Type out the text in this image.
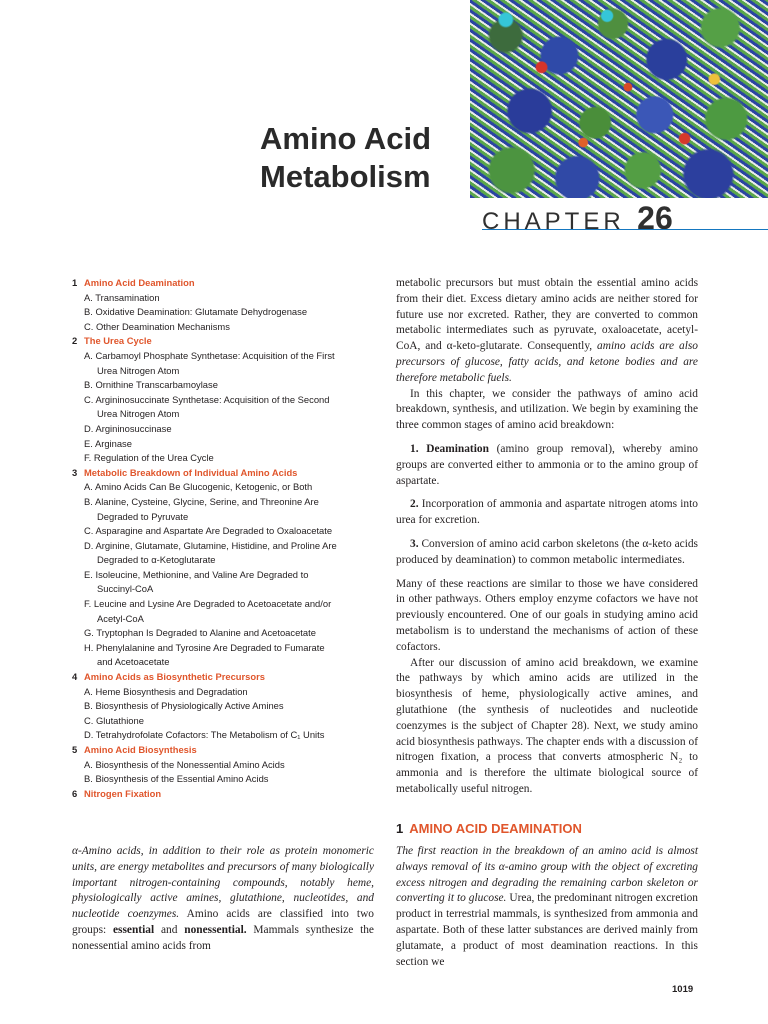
Amino Acid
Metabolism
CHAPTER 26
1 Amino Acid Deamination
A. Transamination
B. Oxidative Deamination: Glutamate Dehydrogenase
C. Other Deamination Mechanisms
2 The Urea Cycle
A. Carbamoyl Phosphate Synthetase: Acquisition of the First
Urea Nitrogen Atom
B. Ornithine Transcarbamoylase
C. Argininosuccinate Synthetase: Acquisition of the Second
Urea Nitrogen Atom
D. Argininosuccinase
E. Arginase
F. Regulation of the Urea Cycle
3 Metabolic Breakdown of Individual Amino Acids
A. Amino Acids Can Be Glucogenic, Ketogenic, or Both
B. Alanine, Cysteine, Glycine, Serine, and Threonine Are
Degraded to Pyruvate
C. Asparagine and Aspartate Are Degraded to Oxaloacetate
D. Arginine, Glutamate, Glutamine, Histidine, and Proline Are
Degraded to α-Ketoglutarate
E. Isoleucine, Methionine, and Valine Are Degraded to
Succinyl-CoA
F. Leucine and Lysine Are Degraded to Acetoacetate and/or
Acetyl-CoA
G. Tryptophan Is Degraded to Alanine and Acetoacetate
H. Phenylalanine and Tyrosine Are Degraded to Fumarate
and Acetoacetate
4 Amino Acids as Biosynthetic Precursors
A. Heme Biosynthesis and Degradation
B. Biosynthesis of Physiologically Active Amines
C. Glutathione
D. Tetrahydrofolate Cofactors: The Metabolism of C₁ Units
5 Amino Acid Biosynthesis
A. Biosynthesis of the Nonessential Amino Acids
B. Biosynthesis of the Essential Amino Acids
6 Nitrogen Fixation

α-Amino acids, in addition to their role as protein monomeric units, are energy metabolites and precursors of many biologically important nitrogen-containing compounds, notably heme, physiologically active amines, glutathione, nucleotides, and nucleotide coenzymes. Amino acids are classified into two groups: essential and nonessential. Mammals synthesize the nonessential amino acids from

metabolic precursors but must obtain the essential amino acids from their diet. Excess dietary amino acids are neither stored for future use nor excreted. Rather, they are converted to common metabolic intermediates such as pyruvate, oxaloacetate, acetyl-CoA, and α-keto-glutarate. Consequently, amino acids are also precursors of glucose, fatty acids, and ketone bodies and are therefore metabolic fuels.

In this chapter, we consider the pathways of amino acid breakdown, synthesis, and utilization. We begin by examining the three common stages of amino acid breakdown:

1. Deamination (amino group removal), whereby amino groups are converted either to ammonia or to the amino group of aspartate.

2. Incorporation of ammonia and aspartate nitrogen atoms into urea for excretion.

3. Conversion of amino acid carbon skeletons (the α-keto acids produced by deamination) to common metabolic intermediates.

Many of these reactions are similar to those we have considered in other pathways. Others employ enzyme cofactors we have not previously encountered. One of our goals in studying amino acid metabolism is to understand the mechanisms of action of these cofactors.

After our discussion of amino acid breakdown, we examine the pathways by which amino acids are utilized in the biosynthesis of heme, physiologically active amines, and glutathione (the synthesis of nucleotides and nucleotide coenzymes is the subject of Chapter 28). Next, we study amino acid biosynthesis pathways. The chapter ends with a discussion of nitrogen fixation, a process that converts atmospheric N₂ to ammonia and is therefore the ultimate biological source of metabolically useful nitrogen.

1 AMINO ACID DEAMINATION

The first reaction in the breakdown of an amino acid is almost always removal of its α-amino group with the object of excreting excess nitrogen and degrading the remaining carbon skeleton or converting it to glucose. Urea, the predominant nitrogen excretion product in terrestrial mammals, is synthesized from ammonia and aspartate. Both of these latter substances are derived mainly from glutamate, a product of most deamination reactions. In this section we

1019
